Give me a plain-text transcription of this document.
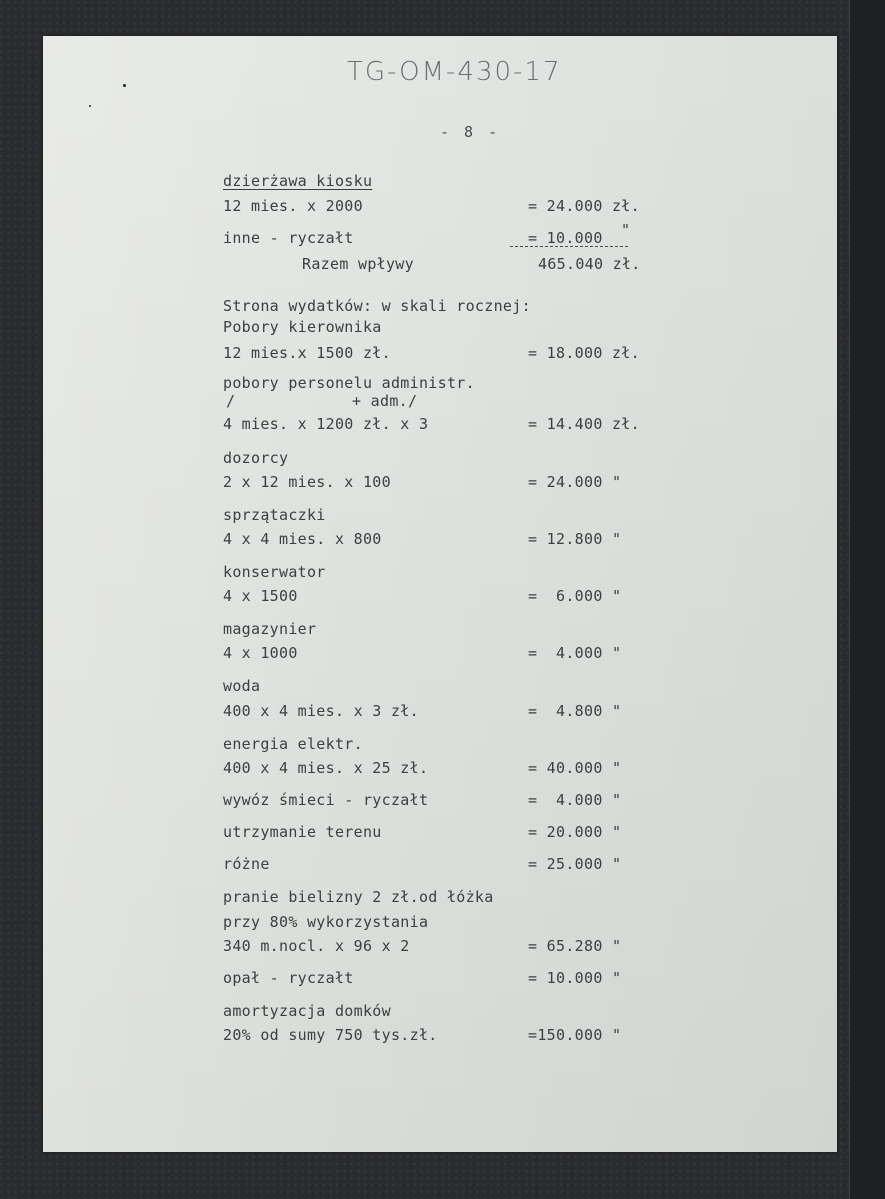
TG-OM-430-17
- 8 -
dzierżawa kiosku
12 mies. x 2000
inne - ryczałt
Razem wpływy
Strona wydatków: w skali rocznej:
Pobory kierownika
12 mies.x 1500 zł.
pobory personelu administr.
/	+ adm./
4 mies. x 1200 zł. x 3
dozorcy
2 x 12 mies. x 100
sprzątaczki
4 x 4 mies. x 800
konserwator
4 x 1500
magazynier
4 x 1000
woda
400 x 4 mies. x 3 zł.
energia elektr.
400 x 4 mies. x 25 zł.
wywóz śmieci - ryczałt
utrzymanie terenu
różne
pranie bielizny 2 zł.od łóżka
przy 80% wykorzystania
340 m.nocl. x 96 x 2
opał - ryczałt
amortyzacja domków
20% od sumy 750 tys.zł.
= 24.000 zł.
= 10.000 "
465.040 zł.
= 18.000 zł.
= 14.400 zł.
= 24.000 "
= 12.800 "
=  6.000 "
=  4.000 "
=  4.800 "
= 40.000 "
=  4.000 "
= 20.000 "
= 25.000 "
= 65.280 "
= 10.000 "
=150.000 "
